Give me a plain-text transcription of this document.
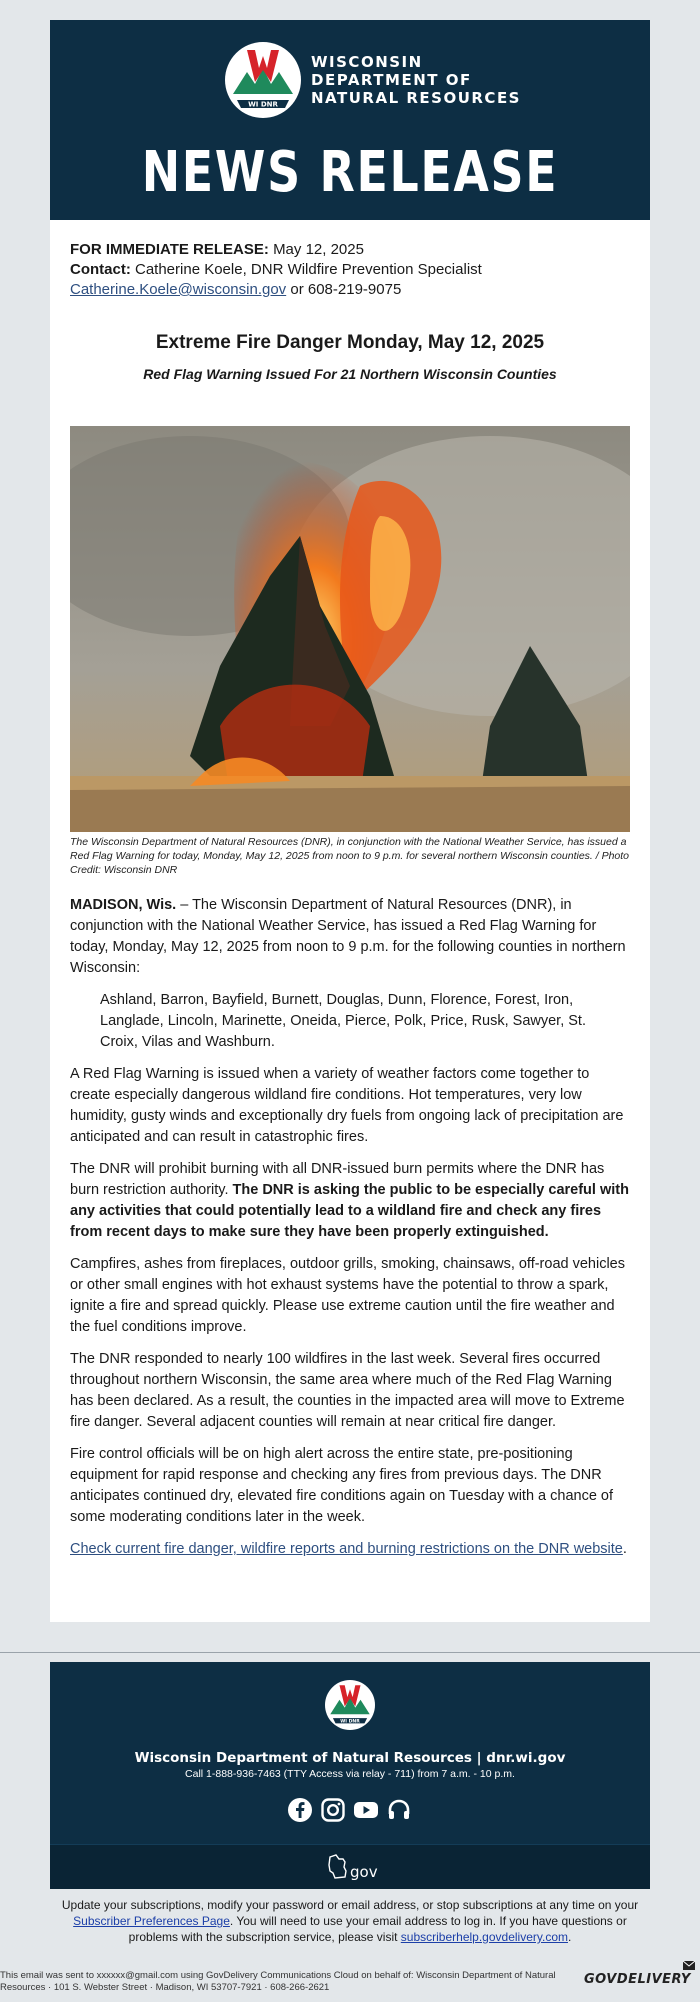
WI DNR
WISCONSIN
DEPARTMENT OF
NATURAL RESOURCES
NEWS RELEASE
FOR IMMEDIATE RELEASE: May 12, 2025
Contact: Catherine Koele, DNR Wildfire Prevention Specialist
Catherine.Koele@wisconsin.gov or 608-219-9075
Extreme Fire Danger Monday, May 12, 2025
Red Flag Warning Issued For 21 Northern Wisconsin Counties
The Wisconsin Department of Natural Resources (DNR), in conjunction with the National Weather Service, has issued a Red Flag Warning for today, Monday, May 12, 2025 from noon to 9 p.m. for several northern Wisconsin counties. / Photo Credit: Wisconsin DNR

MADISON, Wis. – The Wisconsin Department of Natural Resources (DNR), in conjunction with the National Weather Service, has issued a Red Flag Warning for today, Monday, May 12, 2025 from noon to 9 p.m. for the following counties in northern Wisconsin:

Ashland, Barron, Bayfield, Burnett, Douglas, Dunn, Florence, Forest, Iron, Langlade, Lincoln, Marinette, Oneida, Pierce, Polk, Price, Rusk, Sawyer, St. Croix, Vilas and Washburn.

A Red Flag Warning is issued when a variety of weather factors come together to create especially dangerous wildland fire conditions. Hot temperatures, very low humidity, gusty winds and exceptionally dry fuels from ongoing lack of precipitation are anticipated and can result in catastrophic fires.

The DNR will prohibit burning with all DNR-issued burn permits where the DNR has burn restriction authority. The DNR is asking the public to be especially careful with any activities that could potentially lead to a wildland fire and check any fires from recent days to make sure they have been properly extinguished.

Campfires, ashes from fireplaces, outdoor grills, smoking, chainsaws, off-road vehicles or other small engines with hot exhaust systems have the potential to throw a spark, ignite a fire and spread quickly. Please use extreme caution until the fire weather and the fuel conditions improve.

The DNR responded to nearly 100 wildfires in the last week. Several fires occurred throughout northern Wisconsin, the same area where much of the Red Flag Warning has been declared. As a result, the counties in the impacted area will move to Extreme fire danger. Several adjacent counties will remain at near critical fire danger.

Fire control officials will be on high alert across the entire state, pre-positioning equipment for rapid response and checking any fires from previous days. The DNR anticipates continued dry, elevated fire conditions again on Tuesday with a chance of some moderating conditions later in the week.

Check current fire danger, wildfire reports and burning restrictions on the DNR website.

WI DNR
Wisconsin Department of Natural Resources | dnr.wi.gov
Call 1-888-936-7463 (TTY Access via relay - 711) from 7 a.m. - 10 p.m.
gov
Update your subscriptions, modify your password or email address, or stop subscriptions at any time on your Subscriber Preferences Page. You will need to use your email address to log in. If you have questions or problems with the subscription service, please visit subscriberhelp.govdelivery.com.
This email was sent to xxxxxx@gmail.com using GovDelivery Communications Cloud on behalf of: Wisconsin Department of Natural Resources · 101 S. Webster Street · Madison, WI 53707-7921 · 608-266-2621
GOVDELIVERY
